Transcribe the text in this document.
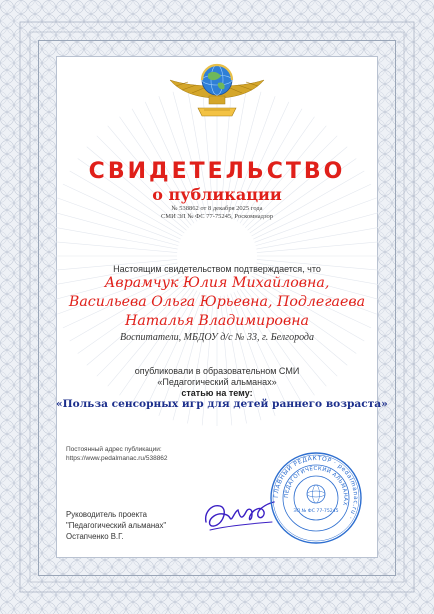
СВИДЕТЕЛЬСТВО
о публикации
№ 538862 от 8 декабря 2025 года
СМИ ЭЛ № ФС 77-75245, Роскомнадзор
Настоящим свидетельством подтверждается, что
Аврамчук Юлия Михайловна,
Васильева Ольга Юрьевна, Подлегаева
Наталья Владимировна
Воспитатели, МБДОУ д/с № 33, г. Белгорода
опубликовали в образовательном СМИ
«Педагогический альманах»
статью на тему:
«Польза сенсорных игр для детей раннего возраста»
Постоянный адрес публикации:
https://www.pedalmanac.ru/538862
Руководитель проекта
"Педагогический альманах"
Остапченко В.Г.
ГЛАВНЫЙ РЕДАКТОР · pedalmanac.ru ·
ПЕДАГОГИЧЕСКИЙ АЛЬМАНАХ
ЭЛ № ФС 77-75245
